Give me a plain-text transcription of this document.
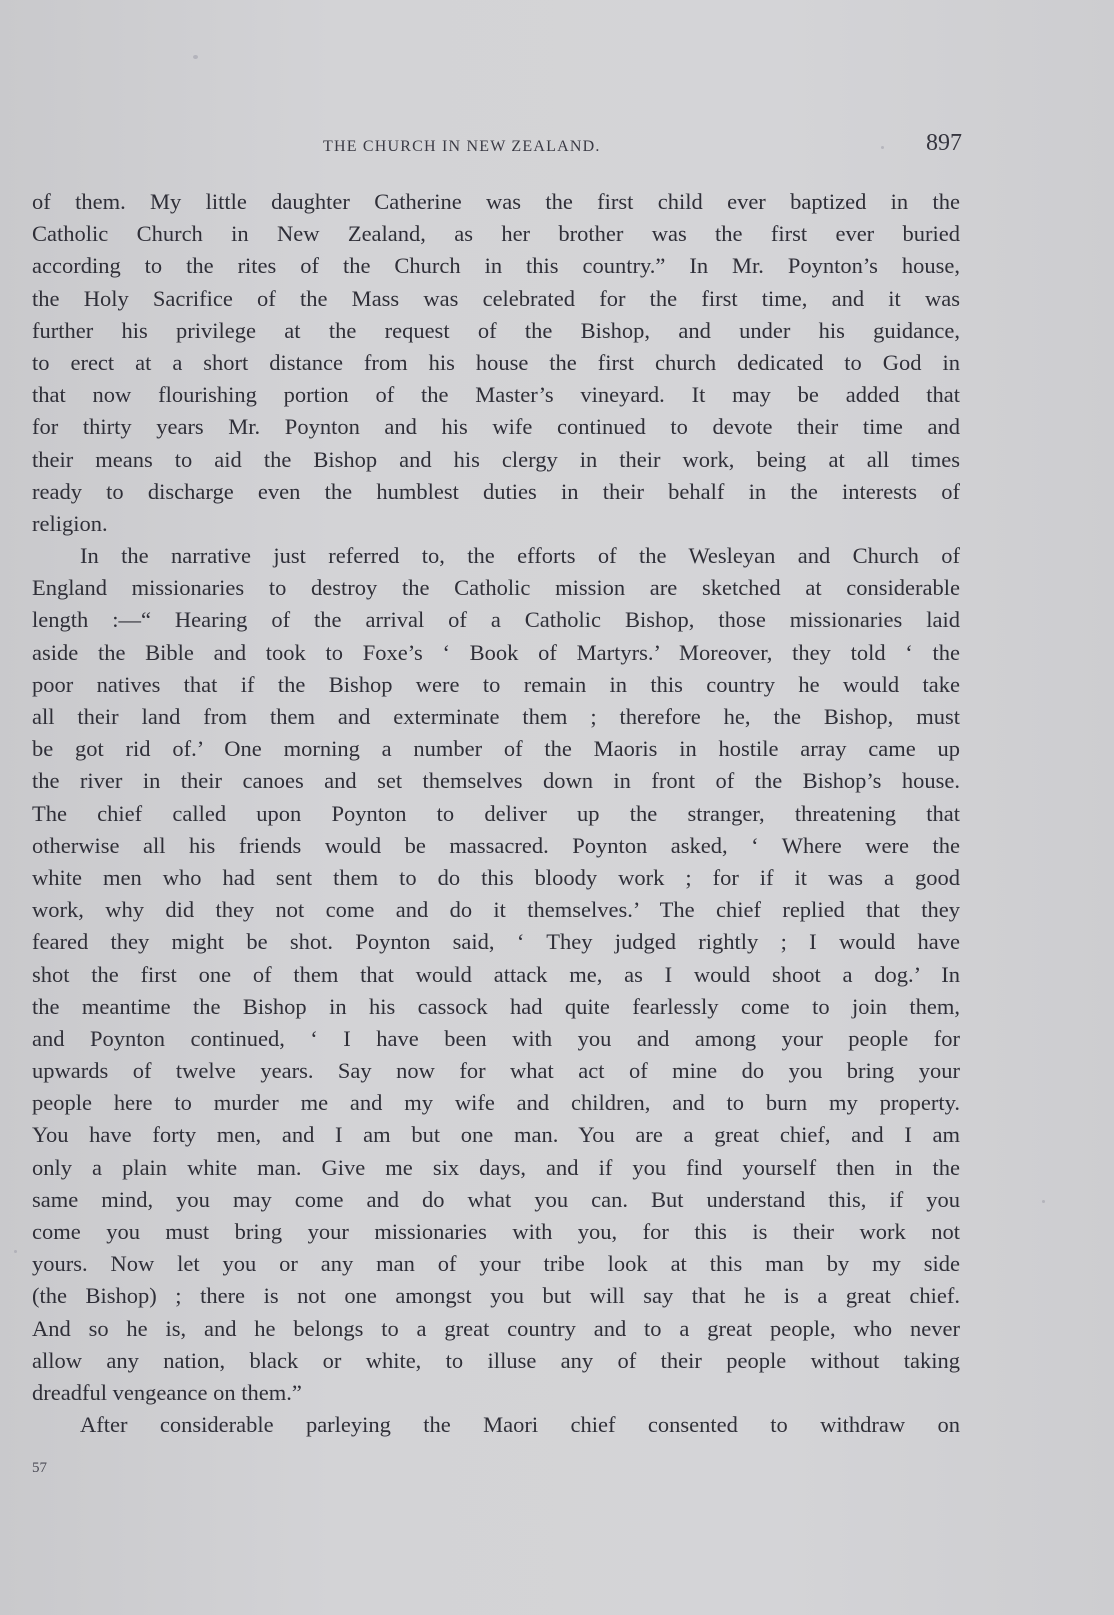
THE CHURCH IN NEW ZEALAND.	897
of them. My little daughter Catherine was the first child ever baptized in the
Catholic Church in New Zealand, as her brother was the first ever buried
according to the rites of the Church in this country.” In Mr. Poynton’s house,
the Holy Sacrifice of the Mass was celebrated for the first time, and it was
further his privilege at the request of the Bishop, and under his guidance,
to erect at a short distance from his house the first church dedicated to God in
that now flourishing portion of the Master’s vineyard. It may be added that
for thirty years Mr. Poynton and his wife continued to devote their time and
their means to aid the Bishop and his clergy in their work, being at all times
ready to discharge even the humblest duties in their behalf in the interests of
religion.
In the narrative just referred to, the efforts of the Wesleyan and Church of
England missionaries to destroy the Catholic mission are sketched at considerable
length :—“ Hearing of the arrival of a Catholic Bishop, those missionaries laid
aside the Bible and took to Foxe’s ‘ Book of Martyrs.’ Moreover, they told ‘ the
poor natives that if the Bishop were to remain in this country he would take
all their land from them and exterminate them ; therefore he, the Bishop, must
be got rid of.’ One morning a number of the Maoris in hostile array came up
the river in their canoes and set themselves down in front of the Bishop’s house.
The chief called upon Poynton to deliver up the stranger, threatening that
otherwise all his friends would be massacred. Poynton asked, ‘ Where were the
white men who had sent them to do this bloody work ; for if it was a good
work, why did they not come and do it themselves.’ The chief replied that they
feared they might be shot. Poynton said, ‘ They judged rightly ; I would have
shot the first one of them that would attack me, as I would shoot a dog.’ In
the meantime the Bishop in his cassock had quite fearlessly come to join them,
and Poynton continued, ‘ I have been with you and among your people for
upwards of twelve years. Say now for what act of mine do you bring your
people here to murder me and my wife and children, and to burn my property.
You have forty men, and I am but one man. You are a great chief, and I am
only a plain white man. Give me six days, and if you find yourself then in the
same mind, you may come and do what you can. But understand this, if you
come you must bring your missionaries with you, for this is their work not
yours. Now let you or any man of your tribe look at this man by my side
(the Bishop) ; there is not one amongst you but will say that he is a great chief.
And so he is, and he belongs to a great country and to a great people, who never
allow any nation, black or white, to illuse any of their people without taking
dreadful vengeance on them.”
After considerable parleying the Maori chief consented to withdraw on
57
